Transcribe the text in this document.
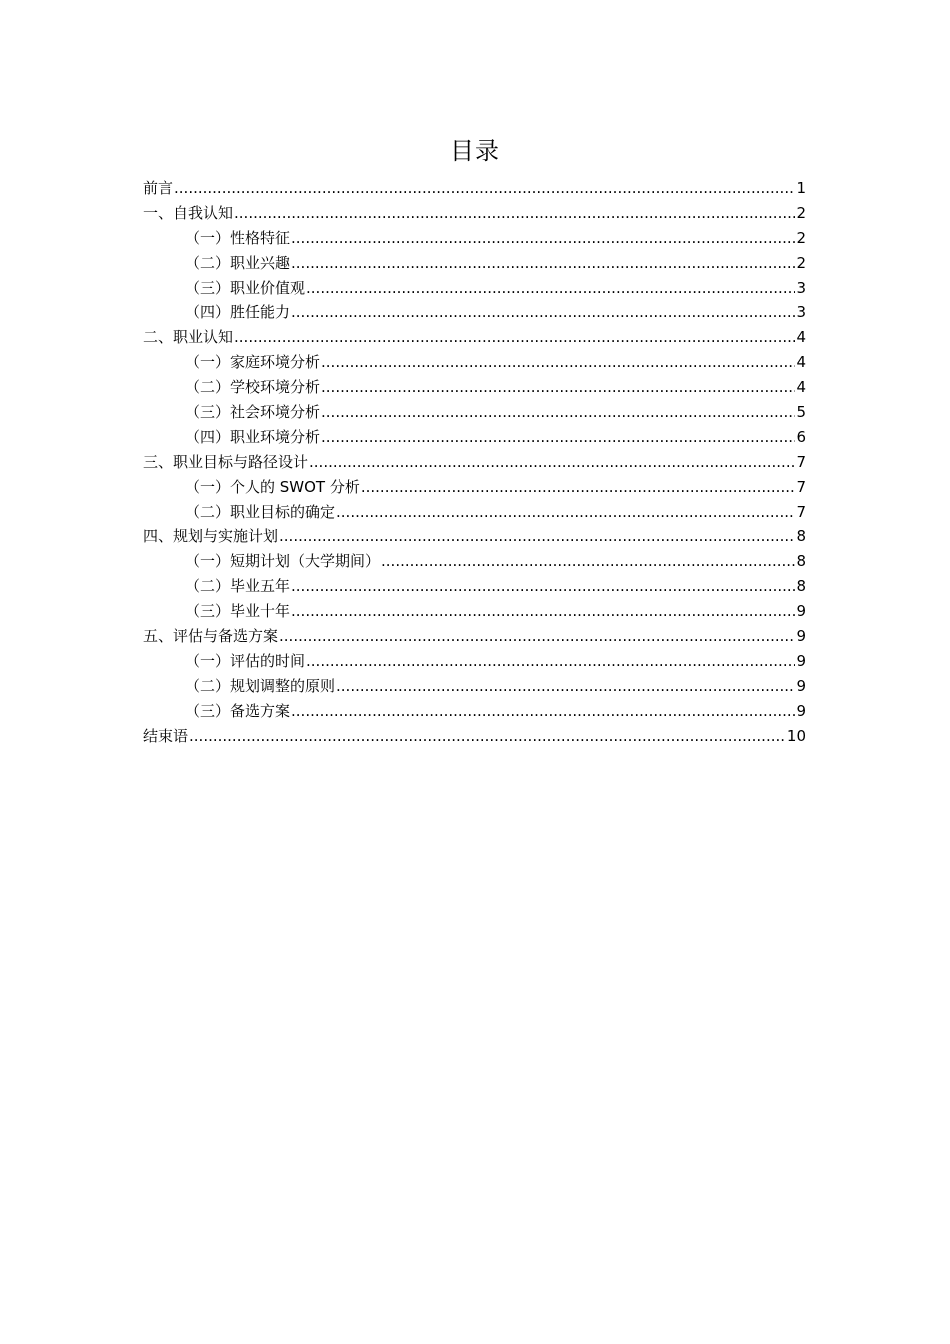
目录
前言 .....	1
一、自我认知 .....	2
（一）性格特征 .....	2
（二）职业兴趣 .....	2
（三）职业价值观 .....	3
（四）胜任能力 .....	3
二、职业认知 .....	4
（一）家庭环境分析 .....	4
（二）学校环境分析 .....	4
（三）社会环境分析 .....	5
（四）职业环境分析 .....	6
三、职业目标与路径设计 .....	7
（一）个人的 SWOT 分析 .....	7
（二）职业目标的确定 .....	7
四、规划与实施计划 .....	8
（一）短期计划（大学期间） .....	8
（二）毕业五年 .....	8
（三）毕业十年 .....	9
五、评估与备选方案 .....	9
（一）评估的时间 .....	9
（二）规划调整的原则 .....	9
（三）备选方案 .....	9
结束语 .....	10
